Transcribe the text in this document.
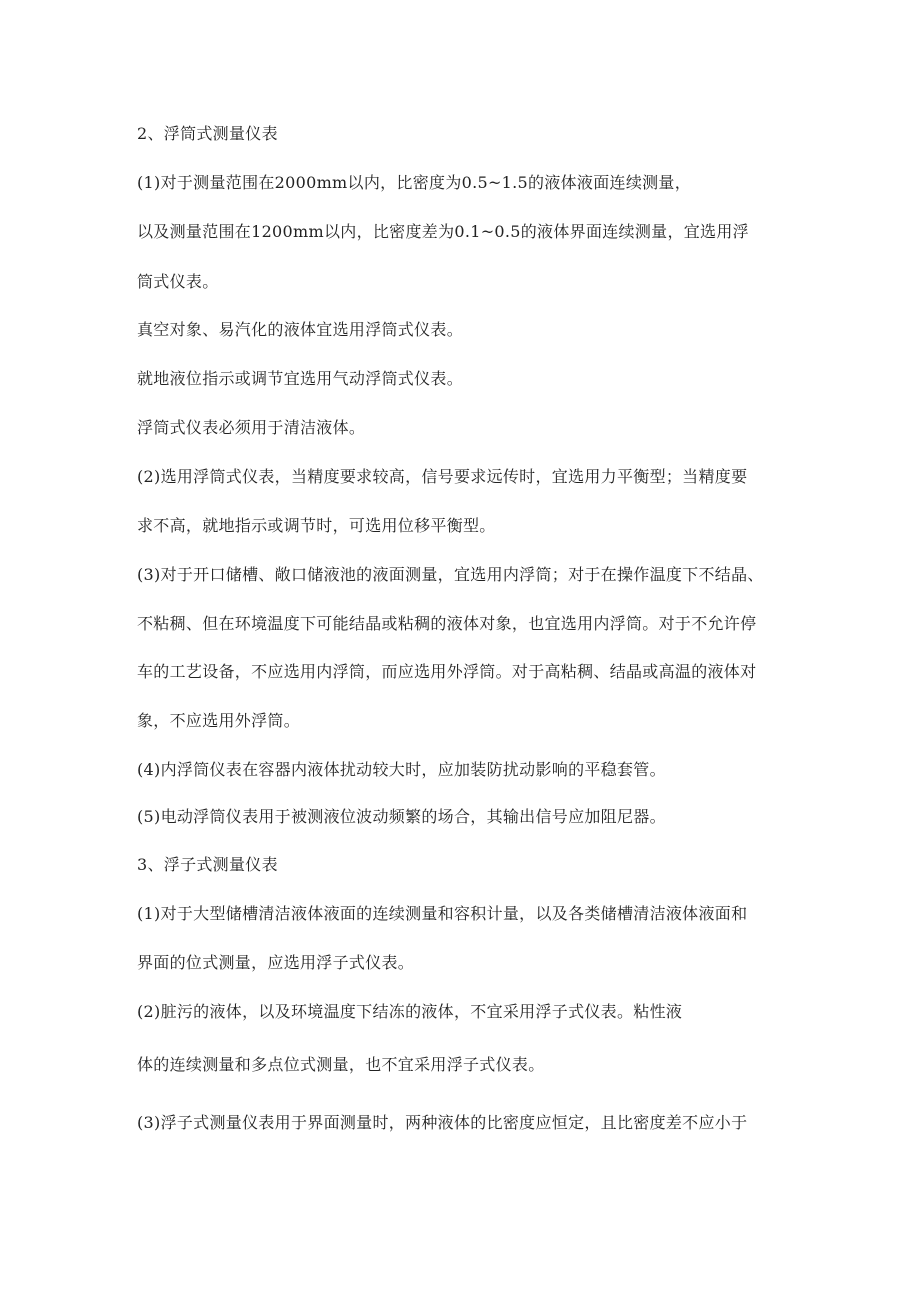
2、浮筒式测量仪表
(1)对于测量范围在2000mm以内，比密度为0.5~1.5的液体液面连续测量，
以及测量范围在1200mm以内，比密度差为0.1~0.5的液体界面连续测量，宜选用浮
筒式仪表。
真空对象、易汽化的液体宜选用浮筒式仪表。
就地液位指示或调节宜选用气动浮筒式仪表。
浮筒式仪表必须用于清洁液体。
(2)选用浮筒式仪表，当精度要求较高，信号要求远传时，宜选用力平衡型；当精度要
求不高，就地指示或调节时，可选用位移平衡型。
(3)对于开口储槽、敞口储液池的液面测量，宜选用内浮筒；对于在操作温度下不结晶、
不粘稠、但在环境温度下可能结晶或粘稠的液体对象，也宜选用内浮筒。对于不允许停
车的工艺设备，不应选用内浮筒，而应选用外浮筒。对于高粘稠、结晶或高温的液体对
象，不应选用外浮筒。
(4)内浮筒仪表在容器内液体扰动较大时，应加装防扰动影响的平稳套管。
(5)电动浮筒仪表用于被测液位波动频繁的场合，其输出信号应加阻尼器。
3、浮子式测量仪表
(1)对于大型储槽清洁液体液面的连续测量和容积计量，以及各类储槽清洁液体液面和
界面的位式测量，应选用浮子式仪表。
(2)脏污的液体，以及环境温度下结冻的液体，不宜采用浮子式仪表。粘性液
体的连续测量和多点位式测量，也不宜采用浮子式仪表。
(3)浮子式测量仪表用于界面测量时，两种液体的比密度应恒定，且比密度差不应小于
